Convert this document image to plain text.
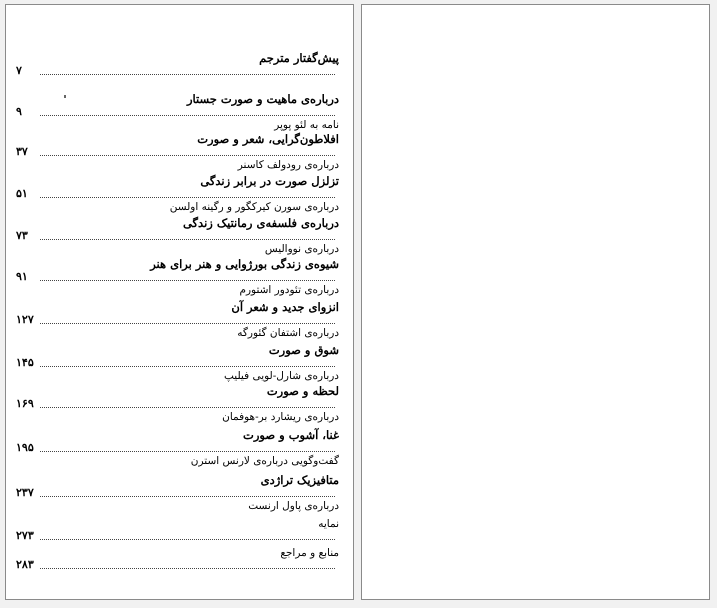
پیش‌گفتار مترجم
۷
درباره‌ی ماهیت و صورت جستار
۹
نامه به لئو پوپر
افلاطون‌گرایی، شعر و صورت
۳۷
درباره‌ی رودولف کاسنر
تزلزل صورت در برابر زندگی
۵۱
درباره‌ی سورن کیرکگور و رگینه اولسن
درباره‌ی فلسفه‌ی رمانتیک زندگی
۷۳
درباره‌ی نووالیس
شیوه‌ی زندگی بورژوایی و هنر برای هنر
۹۱
درباره‌ی تئودور اشتورم
انزوای جدید و شعر آن
۱۲۷
درباره‌ی اشتفان گئورگه
شوق و صورت
۱۴۵
درباره‌ی شارل-لویی فیلیپ
لحظه و صورت
۱۶۹
درباره‌ی ریشارد بر-هوفمان
غنا، آشوب و صورت
۱۹۵
گفت‌وگویی درباره‌ی لارنس استرن
متافیزیک تراژدی
۲۳۷
درباره‌ی پاول ارنست
نمایه
۲۷۳
منابع و مراجع
۲۸۳
